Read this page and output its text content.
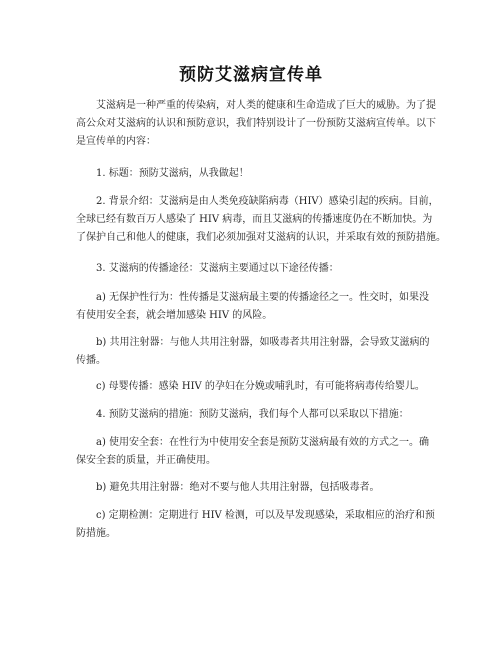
预防艾滋病宣传单
艾滋病是一种严重的传染病，对人类的健康和生命造成了巨大的威胁。为了提
高公众对艾滋病的认识和预防意识，我们特别设计了一份预防艾滋病宣传单。以下
是宣传单的内容：
1. 标题：预防艾滋病，从我做起！
2. 背景介绍：艾滋病是由人类免疫缺陷病毒（HIV）感染引起的疾病。目前，
全球已经有数百万人感染了 HIV 病毒，而且艾滋病的传播速度仍在不断加快。为
了保护自己和他人的健康，我们必须加强对艾滋病的认识，并采取有效的预防措施。
3. 艾滋病的传播途径：艾滋病主要通过以下途径传播：
a) 无保护性行为：性传播是艾滋病最主要的传播途径之一。性交时，如果没
有使用安全套，就会增加感染 HIV 的风险。
b) 共用注射器：与他人共用注射器，如吸毒者共用注射器，会导致艾滋病的
传播。
c) 母婴传播：感染 HIV 的孕妇在分娩或哺乳时，有可能将病毒传给婴儿。
4. 预防艾滋病的措施：预防艾滋病，我们每个人都可以采取以下措施：
a) 使用安全套：在性行为中使用安全套是预防艾滋病最有效的方式之一。确
保安全套的质量，并正确使用。
b) 避免共用注射器：绝对不要与他人共用注射器，包括吸毒者。
c) 定期检测：定期进行 HIV 检测，可以及早发现感染，采取相应的治疗和预
防措施。
